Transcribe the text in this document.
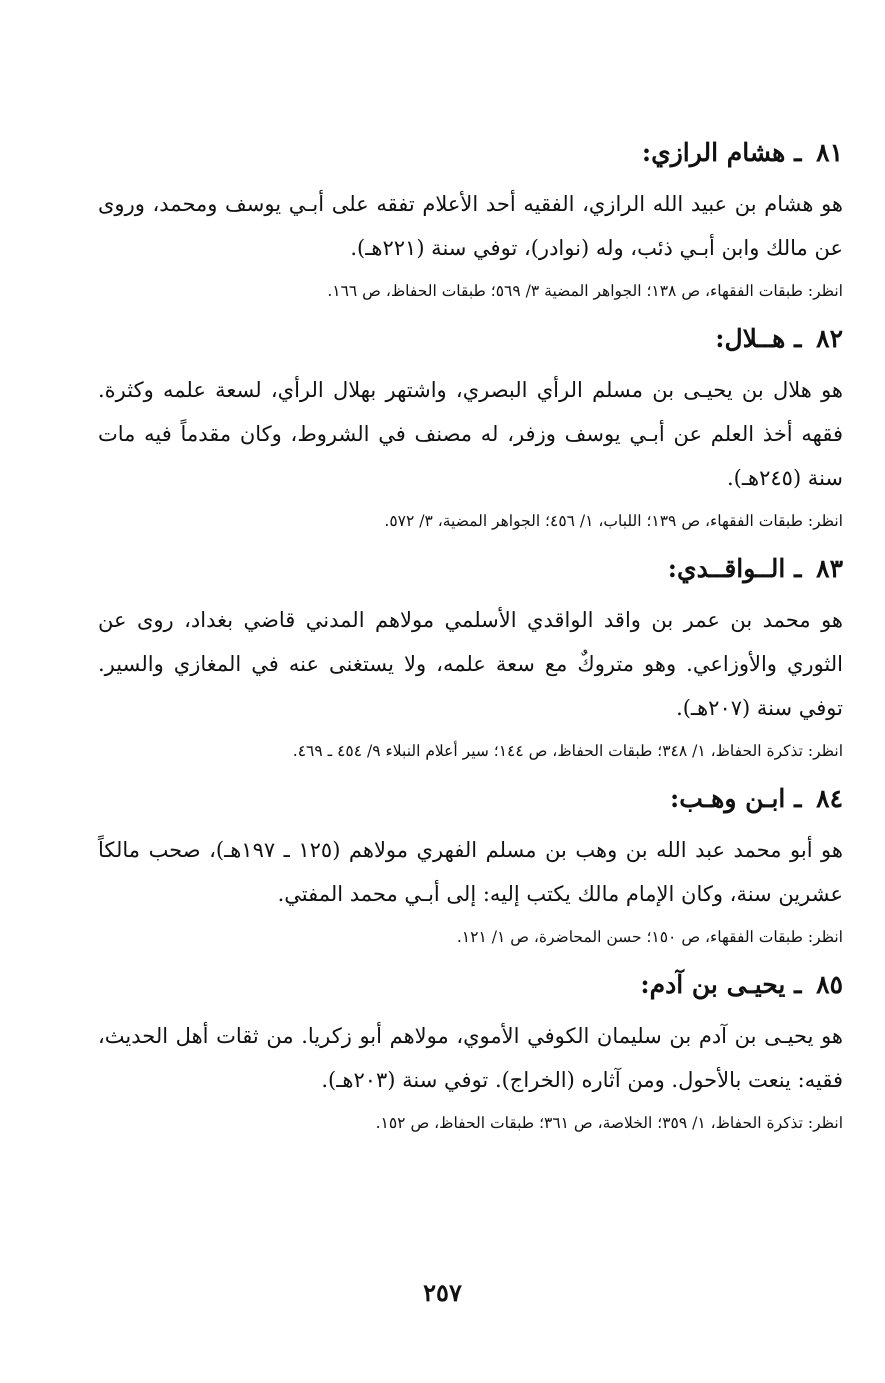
٨١ ـ هشام الرازي:
هو هشام بن عبيد الله الرازي، الفقيه أحد الأعلام تفقه على أبـي يوسف ومحمد، وروى عن مالك وابن أبـي ذئب، وله (نوادر)، توفي سنة (٢٢١هـ).
انظر: طبقات الفقهاء، ص ١٣٨؛ الجواهر المضية ٣/ ٥٦٩؛ طبقات الحفاظ، ص ١٦٦.
٨٢ ـ هــلال:
هو هلال بن يحيـى بن مسلم الرأي البصري، واشتهر بهلال الرأي، لسعة علمه وكثرة. فقهه أخذ العلم عن أبـي يوسف وزفر، له مصنف في الشروط، وكان مقدماً فيه مات سنة (٢٤٥هـ).
انظر: طبقات الفقهاء، ص ١٣٩؛ اللباب، ١/ ٤٥٦؛ الجواهر المضية، ٣/ ٥٧٢.
٨٣ ـ الــواقــدي:
هو محمد بن عمر بن واقد الواقدي الأسلمي مولاهم المدني قاضي بغداد، روى عن الثوري والأوزاعي. وهو متروكٌ مع سعة علمه، ولا يستغنى عنه في المغازي والسير. توفي سنة (٢٠٧هـ).
انظر: تذكرة الحفاظ، ١/ ٣٤٨؛ طبقات الحفاظ، ص ١٤٤؛ سير أعلام النبلاء ٩/ ٤٥٤ ـ ٤٦٩.
٨٤ ـ ابـن وهـب:
هو أبو محمد عبد الله بن وهب بن مسلم الفهري مولاهم (١٢٥ ـ ١٩٧هـ)، صحب مالكاً عشرين سنة، وكان الإمام مالك يكتب إليه: إلى أبـي محمد المفتي.
انظر: طبقات الفقهاء، ص ١٥٠؛ حسن المحاضرة، ص ١/ ١٢١.
٨٥ ـ يحيـى بن آدم:
هو يحيـى بن آدم بن سليمان الكوفي الأموي، مولاهم أبو زكريا. من ثقات أهل الحديث، فقيه: ينعت بالأحول. ومن آثاره (الخراج). توفي سنة (٢٠٣هـ).
انظر: تذكرة الحفاظ، ١/ ٣٥٩؛ الخلاصة، ص ٣٦١؛ طبقات الحفاظ، ص ١٥٢.
٢٥٧
